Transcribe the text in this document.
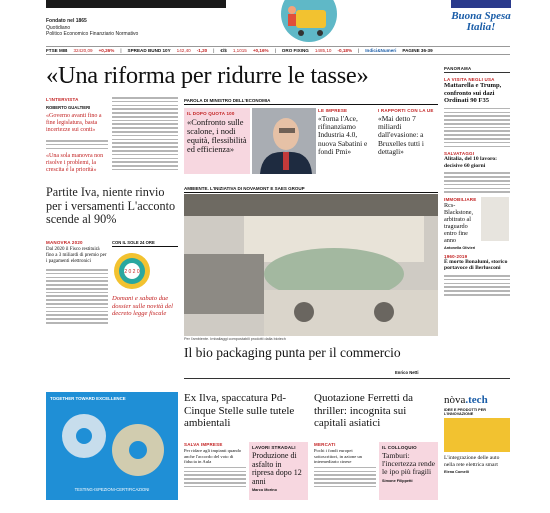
Fondato nel 1865
Quotidiano
Politico Economico Finanziario Normativo
Buona Spesa
Italia!
FTSE MIB 32420,09 +0,26% | SPREAD BUND 10Y 142,40 -1,20 | €/$ 1,1015 +0,16% | ORO FIXING 1485,10 -0,18% | Indici&Numeri PAGINE 36-39
«Una riforma per ridurre le tasse»
L'INTERVISTA
ROBERTO GUALTIERI
«Governo avanti fino a fine legislatura, basta incertezze sui conti»
«Una sola manovra non risolve i problemi, la crescita è la priorità»
PAROLA DI MINISTRO DELL'ECONOMIA
IL DOPO QUOTA 100
«Confronto sulle scalone, i nodi equità, flessibilità ed efficienza»
LE IMPRESE
«Torna l'Ace, rifinanziamo Industria 4.0, nuova Sabatini e fondi Pmi»
I RAPPORTI CON LA UE
«Mai detto 7 miliardi dall'evasione: a Bruxelles tutti i dettagli»
Partite Iva, niente rinvio per i versamenti L'acconto scende al 90%
MANOVRA 2020
Dal 2020 il Fisco restituirà fino a 3 miliardi di premio per i pagamenti elettronici
CON IL SOLE 24 ORE
2 0 2 0
Domani e sabato due dossier sulle novità del decreto legge fiscale
AMBIENTE. L'INIZIATIVA DI NOVAMONT E SAES GROUP
Per l'ambiente. Imballaggi compostabili prodotti dalla biotech
Il bio packaging punta per il commercio
Enrico Netti
PANORAMA
LA VISITA NEGLI USA
Mattarella e Trump, confronto sui dazi Ordinati 90 F35
SALVATAGGI
Alitalia, del 10 lavoro: decisive 60 giorni
IMMOBILIARE
Rcs-Blackstone, arbitrato al traguardo entro fine anno
Antonella Olivieri
1960-2019
È morto Bonalumi, storico portavoce di Berlusconi
TOGETHER TOWARD EXCELLENCE
TESTING-ISPEZIONI-CERTIFICAZIONI
Ex Ilva, spaccatura Pd-Cinque Stelle sulle tutele ambientali
SALVA IMPRESE
Per ridare agli impianti quando anche l'accordo del voto di fiducia in Aula
LAVORI STRADALI
Produzione di asfalto in ripresa dopo 12 anni
Marco Morino
Quotazione Ferretti da thriller: incognita sui capitali asiatici
MERCATI
Pochi i fondi europei sottoscrittori, in azione un intermediario cinese
IL COLLOQUIO
Tamburi: l'incertezza rende le ipo più fragili
Simone Filippetti
nòva.tech
IDEE E PRODOTTI PER L'INNOVAZIONE
L'integrazione delle auto nella rete elettrica smart
Elena Comelli
